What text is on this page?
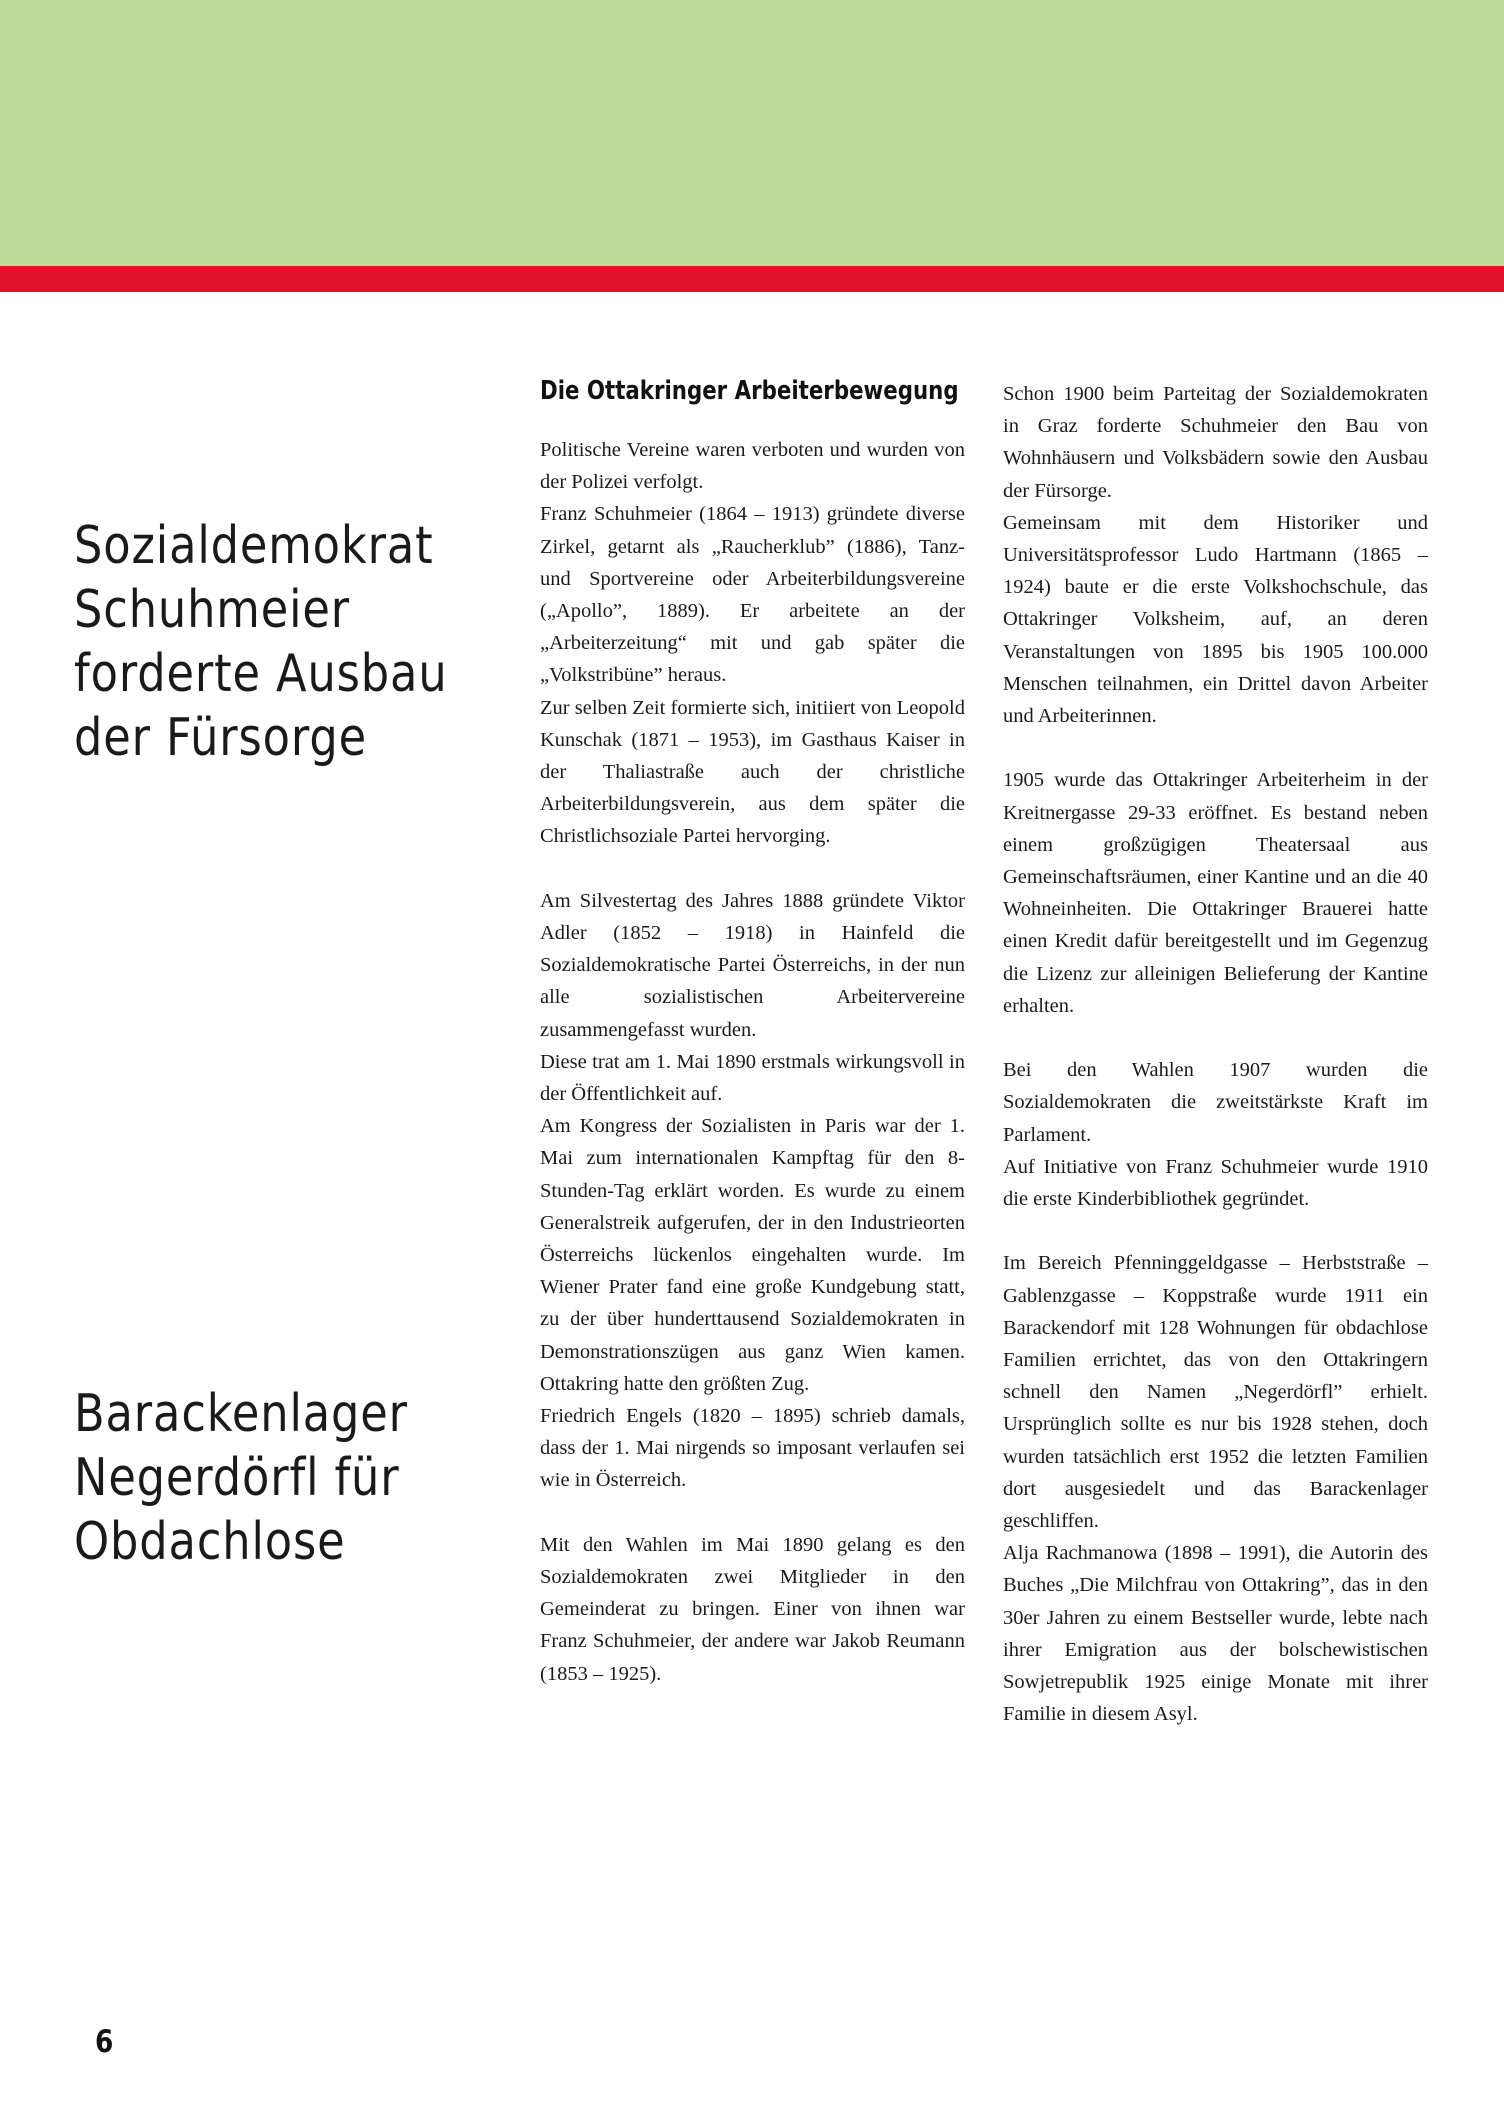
Sozialdemokrat
Schuhmeier
forderte Ausbau
der Fürsorge
Barackenlager
Negerdörfl für
Obdachlose
Die Ottakringer Arbeiterbewegung

Politische Vereine waren verboten und wurden von der Polizei verfolgt.

Franz Schuhmeier (1864 – 1913) gründete diverse Zirkel, getarnt als „Raucherklub” (1886), Tanz- und Sportvereine oder Arbeiterbildungsvereine („Apollo”, 1889). Er arbeitete an der „Arbeiterzeitung“ mit und gab später die „Volkstribüne” heraus.

Zur selben Zeit formierte sich, initiiert von Leopold Kunschak (1871 – 1953), im Gasthaus Kaiser in der Thaliastraße auch der christliche Arbeiterbildungsverein, aus dem später die Christlichsoziale Partei hervorging.

Am Silvestertag des Jahres 1888 gründete Viktor Adler (1852 – 1918) in Hainfeld die Sozialdemokratische Partei Österreichs, in der nun alle sozialistischen Arbeitervereine zusammengefasst wurden.

Diese trat am 1. Mai 1890 erstmals wirkungsvoll in der Öffentlichkeit auf.

Am Kongress der Sozialisten in Paris war der 1. Mai zum internationalen Kampftag für den 8-Stunden-Tag erklärt worden. Es wurde zu einem Generalstreik aufgerufen, der in den Industrieorten Österreichs lückenlos eingehalten wurde. Im Wiener Prater fand eine große Kundgebung statt, zu der über hunderttausend Sozialdemokraten in Demonstrationszügen aus ganz Wien kamen. Ottakring hatte den größten Zug.

Friedrich Engels (1820 – 1895) schrieb damals, dass der 1. Mai nirgends so imposant verlaufen sei wie in Österreich.

Mit den Wahlen im Mai 1890 gelang es den Sozialdemokraten zwei Mitglieder in den Gemeinderat zu bringen. Einer von ihnen war Franz Schuhmeier, der andere war Jakob Reumann (1853 – 1925).

Schon 1900 beim Parteitag der Sozialdemokraten in Graz forderte Schuhmeier den Bau von Wohnhäusern und Volksbädern sowie den Ausbau der Fürsorge.

Gemeinsam mit dem Historiker und Universitätsprofessor Ludo Hartmann (1865 – 1924) baute er die erste Volkshochschule, das Ottakringer Volksheim, auf, an deren Veranstaltungen von 1895 bis 1905 100.000 Menschen teilnahmen, ein Drittel davon Arbeiter und Arbeiterinnen.

1905 wurde das Ottakringer Arbeiterheim in der Kreitnergasse 29-33 eröffnet. Es bestand neben einem großzügigen Theatersaal aus Gemeinschaftsräumen, einer Kantine und an die 40 Wohneinheiten. Die Ottakringer Brauerei hatte einen Kredit dafür bereitgestellt und im Gegenzug die Lizenz zur alleinigen Belieferung der Kantine erhalten.

Bei den Wahlen 1907 wurden die Sozialdemokraten die zweitstärkste Kraft im Parlament.

Auf Initiative von Franz Schuhmeier wurde 1910 die erste Kinderbibliothek gegründet.

Im Bereich Pfenninggeldgasse – Herbststraße – Gablenzgasse – Koppstraße wurde 1911 ein Barackendorf mit 128 Wohnungen für obdachlose Familien errichtet, das von den Ottakringern schnell den Namen „Negerdörfl” erhielt. Ursprünglich sollte es nur bis 1928 stehen, doch wurden tatsächlich erst 1952 die letzten Familien dort ausgesiedelt und das Barackenlager geschliffen.

Alja Rachmanowa (1898 – 1991), die Autorin des Buches „Die Milchfrau von Ottakring”, das in den 30er Jahren zu einem Bestseller wurde, lebte nach ihrer Emigration aus der bolschewistischen Sowjetrepublik 1925 einige Monate mit ihrer Familie in diesem Asyl.

6
